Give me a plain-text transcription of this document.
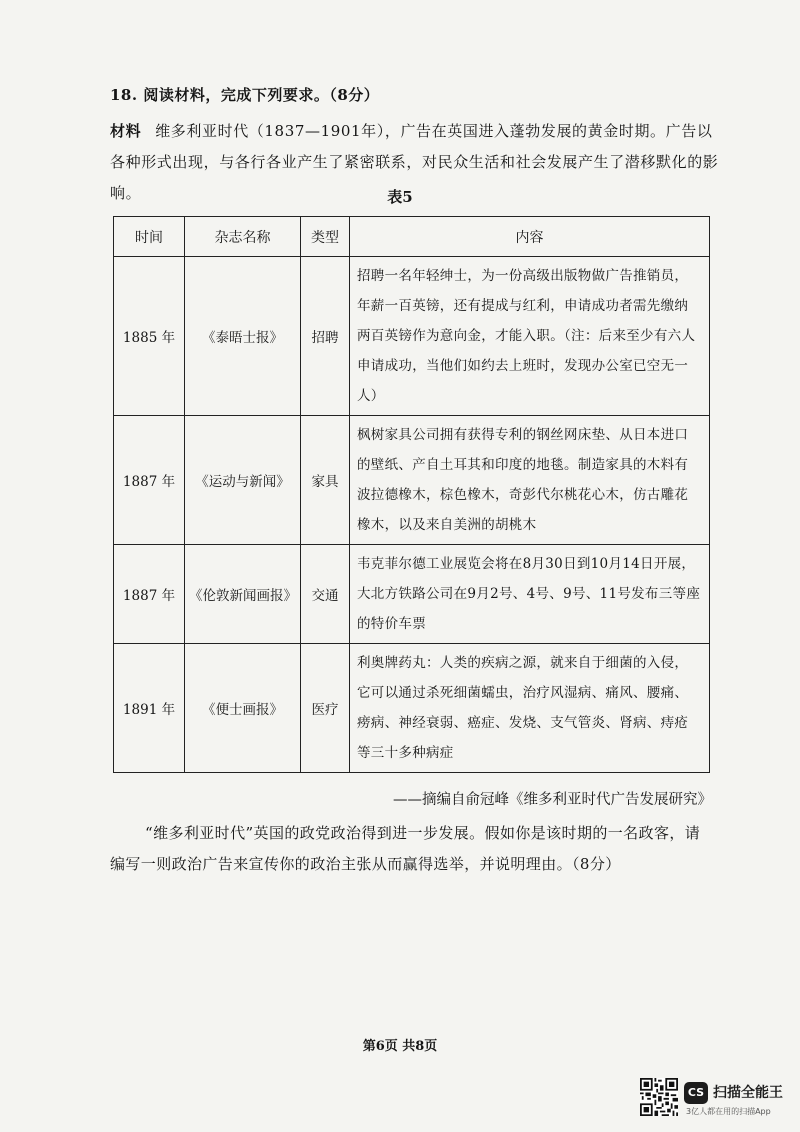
18. 阅读材料，完成下列要求。（8分）
材料 维多利亚时代（1837—1901年），广告在英国进入蓬勃发展的黄金时期。广告以各种形式出现，与各行各业产生了紧密联系，对民众生活和社会发展产生了潜移默化的影响。	表5
时间	杂志名称	类型	内容
1885 年	《泰晤士报》	招聘	招聘一名年轻绅士，为一份高级出版物做广告推销员，年薪一百英镑，还有提成与红利，申请成功者需先缴纳两百英镑作为意向金，才能入职。（注：后来至少有六人申请成功，当他们如约去上班时，发现办公室已空无一人）
1887 年	《运动与新闻》	家具	枫树家具公司拥有获得专利的钢丝网床垫、从日本进口的壁纸、产自土耳其和印度的地毯。制造家具的木料有波拉德橡木，棕色橡木，奇彭代尔桃花心木，仿古雕花橡木，以及来自美洲的胡桃木
1887 年	《伦敦新闻画报》	交通	韦克菲尔德工业展览会将在8月30日到10月14日开展，大北方铁路公司在9月2号、4号、9号、11号发布三等座的特价车票
1891 年	《便士画报》	医疗	利奥牌药丸：人类的疾病之源，就来自于细菌的入侵，它可以通过杀死细菌蠕虫，治疗风湿病、痛风、腰痛、痨病、神经衰弱、癌症、发烧、支气管炎、肾病、痔疮等三十多种病症
——摘编自俞冠峰《维多利亚时代广告发展研究》
“维多利亚时代”英国的政党政治得到进一步发展。假如你是该时期的一名政客，请编写一则政治广告来宣传你的政治主张从而赢得选举，并说明理由。（8分）
第6页 共8页
CS 扫描全能王
3亿人都在用的扫描App
